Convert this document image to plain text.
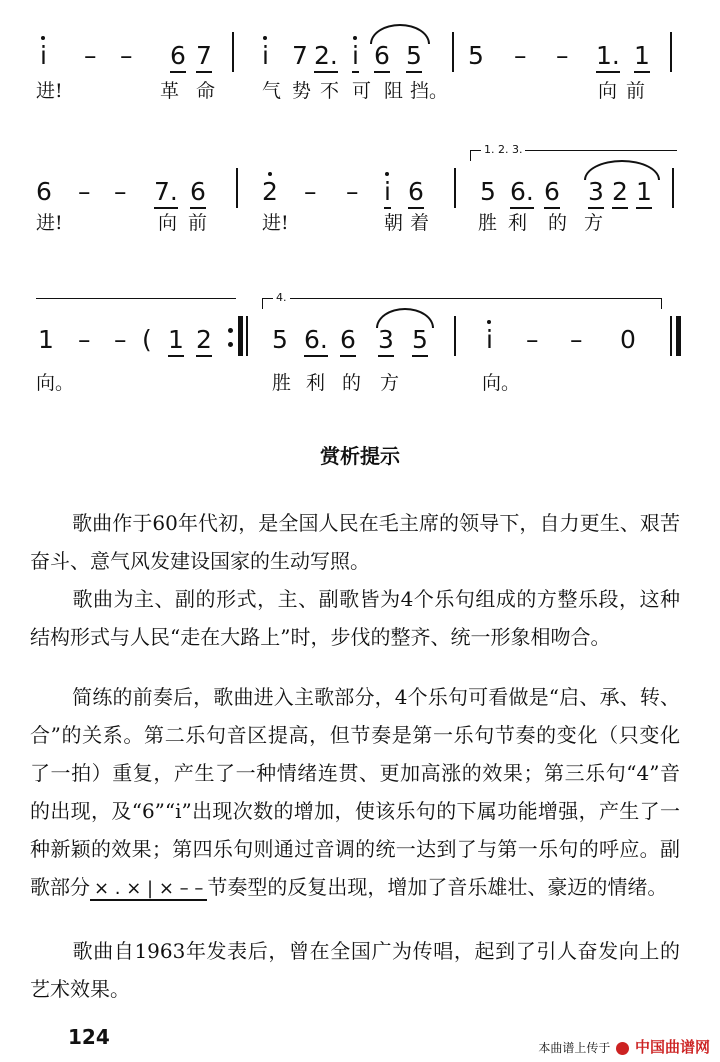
i – – 6 7 i 7 2. i 6 5 5 – – 1. 1
进!	革 命 气 势 不 可 阻 挡。	向 前
1. 2. 3.
6 – – 7. 6 2 – – i 6 5 6. 6 3 2 1
进!	向 前	进!	朝 着	胜 利 的 方
4.
1 – – ( 1 2 5 6. 6 3 5 i – – 0
向。	胜 利 的 方	向。
赏析提示

歌曲作于60年代初，是全国人民在毛主席的领导下，自力更生、艰苦奋斗、意气风发建设国家的生动写照。

歌曲为主、副的形式，主、副歌皆为4个乐句组成的方整乐段，这种结构形式与人民“走在大路上”时，步伐的整齐、统一形象相吻合。

简练的前奏后，歌曲进入主歌部分，4个乐句可看做是“启、承、转、合”的关系。第二乐句音区提高，但节奏是第一乐句节奏的变化（只变化了一拍）重复，产生了一种情绪连贯、更加高涨的效果；第三乐句“4”音的出现，及“6”“i”出现次数的增加，使该乐句的下属功能增强，产生了一种新颖的效果；第四乐句则通过音调的统一达到了与第一乐句的呼应。副歌部分 × . × | × – – 节奏型的反复出现，增加了音乐雄壮、豪迈的情绪。

歌曲自1963年发表后，曾在全国广为传唱，起到了引人奋发向上的艺术效果。

124	本曲谱上传于 中国曲谱网
